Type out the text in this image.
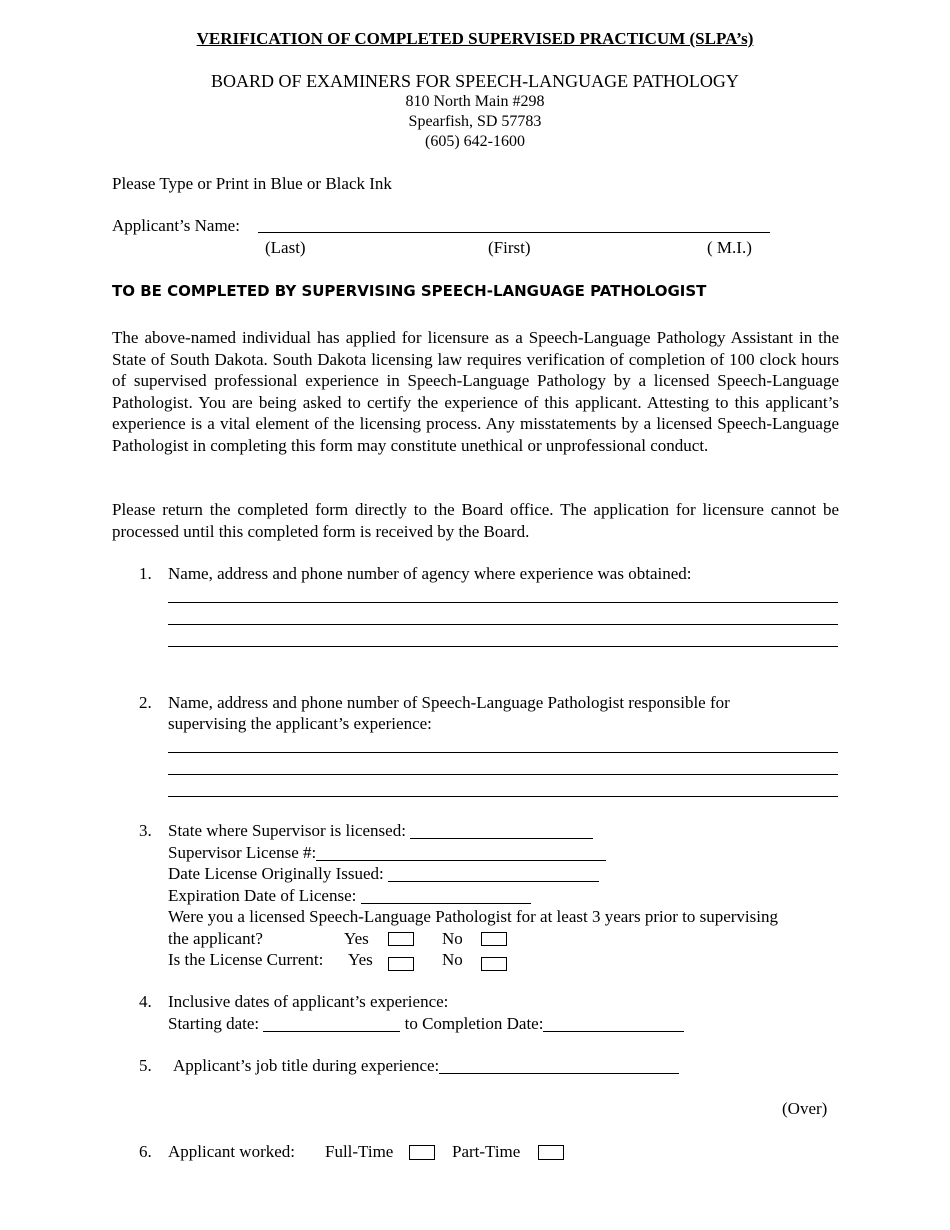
VERIFICATION OF COMPLETED SUPERVISED PRACTICUM (SLPA’s)
BOARD OF EXAMINERS FOR SPEECH-LANGUAGE PATHOLOGY
810 North Main #298
Spearfish, SD 57783
(605) 642-1600
Please Type or Print in Blue or Black Ink
Applicant’s Name:
(Last)	(First)	( M.I.)
TO BE COMPLETED BY SUPERVISING SPEECH-LANGUAGE PATHOLOGIST
The above-named individual has applied for licensure as a Speech-Language Pathology Assistant in the State of South Dakota. South Dakota licensing law requires verification of completion of 100 clock hours of supervised professional experience in Speech-Language Pathology by a licensed Speech-Language Pathologist. You are being asked to certify the experience of this applicant. Attesting to this applicant’s experience is a vital element of the licensing process. Any misstatements by a licensed Speech-Language Pathologist in completing this form may constitute unethical or unprofessional conduct.
Please return the completed form directly to the Board office. The application for licensure cannot be processed until this completed form is received by the Board.
1. Name, address and phone number of agency where experience was obtained:
2. Name, address and phone number of Speech-Language Pathologist responsible for
supervising the applicant’s experience:
3. State where Supervisor is licensed:
Supervisor License #:
Date License Originally Issued:
Expiration Date of License:
Were you a licensed Speech-Language Pathologist for at least 3 years prior to supervising
the applicant?	Yes	No
Is the License Current: Yes	No
4. Inclusive dates of applicant’s experience:
Starting date:	to Completion Date:
5. Applicant’s job title during experience:
(Over)
6. Applicant worked: Full-Time	Part-Time
